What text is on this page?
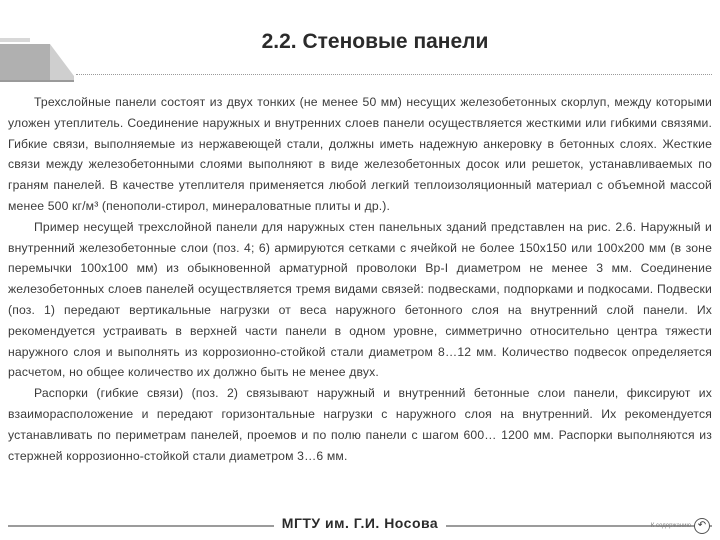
2.2. Стеновые панели

Трехслойные панели состоят из двух тонких (не менее 50 мм) несущих железобетонных скорлуп, между которыми уложен утеплитель. Соединение наружных и внутренних слоев панели осуществляется жесткими или гибкими связями. Гибкие связи, выполняемые из нержавеющей стали, должны иметь надежную анкеровку в бетонных слоях. Жесткие связи между железобетонными слоями выполняют в виде железобетонных досок или решеток, устанавливаемых по граням панелей. В качестве утеплителя применяется любой легкий теплоизоляционный материал с объемной массой менее 500 кг/м³ (пенополи-стирол, минераловатные плиты и др.).

Пример несущей трехслойной панели для наружных стен панельных зданий представлен на рис. 2.6. Наружный и внутренний железобетонные слои (поз. 4; 6) армируются сетками с ячейкой не более 150х150 или 100х200 мм (в зоне перемычки 100х100 мм) из обыкновенной арматурной проволоки Вр-I диаметром не менее 3 мм. Соединение железобетонных слоев панелей осуществляется тремя видами связей: подвесками, подпорками и подкосами. Подвески (поз. 1) передают вертикальные нагрузки от веса наружного бетонного слоя на внутренний слой панели. Их рекомендуется устраивать в верхней части панели в одном уровне, симметрично относительно центра тяжести наружного слоя и выполнять из коррозионно-стойкой стали диаметром 8…12 мм. Количество подвесок определяется расчетом, но общее количество их должно быть не менее двух.

Распорки (гибкие связи) (поз. 2) связывают наружный и внутренний бетонные слои панели, фиксируют их взаиморасположение и передают горизонтальные нагрузки с наружного слоя на внутренний. Их рекомендуется устанавливать по периметрам панелей, проемов и по полю панели с шагом 600… 1200 мм. Распорки выполняются из стержней коррозионно-стойкой стали диаметром 3…6 мм.

МГТУ им. Г.И. Носова	К содержанию ↶
